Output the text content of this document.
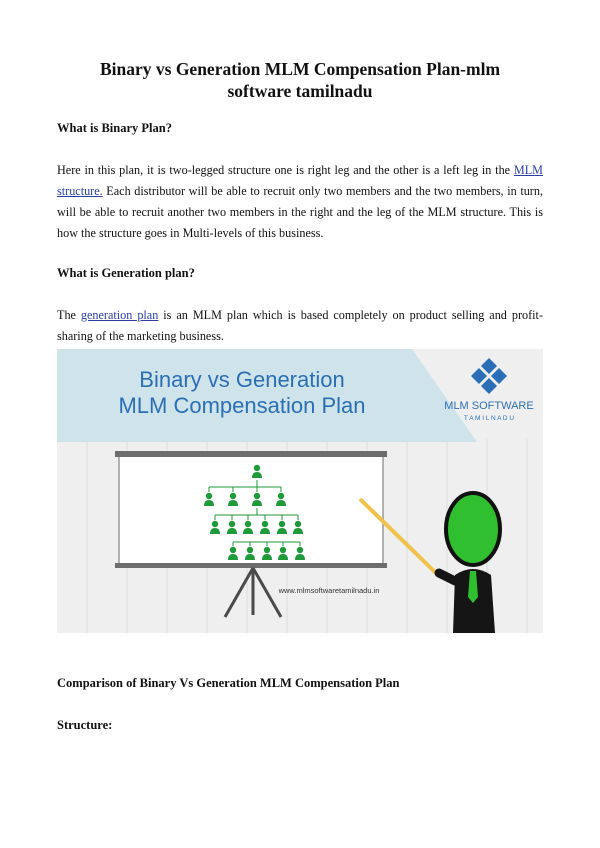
Binary vs Generation MLM Compensation Plan-mlm
software tamilnadu
What is Binary Plan?
Here in this plan, it is two-legged structure one is right leg and the other is a left leg in the MLM structure. Each distributor will be able to recruit only two members and the two members, in turn, will be able to recruit another two members in the right and the leg of the MLM structure. This is how the structure goes in Multi-levels of this business.
What is Generation plan?
The generation plan is an MLM plan which is based completely on product selling and profit-sharing of the marketing business.
Binary vs Generation
MLM Compensation Plan	MLM SOFTWARE
T A M I L N A D U
www.mlmsoftwaretamilnadu.in
Comparison of Binary Vs Generation MLM Compensation Plan
Structure:
